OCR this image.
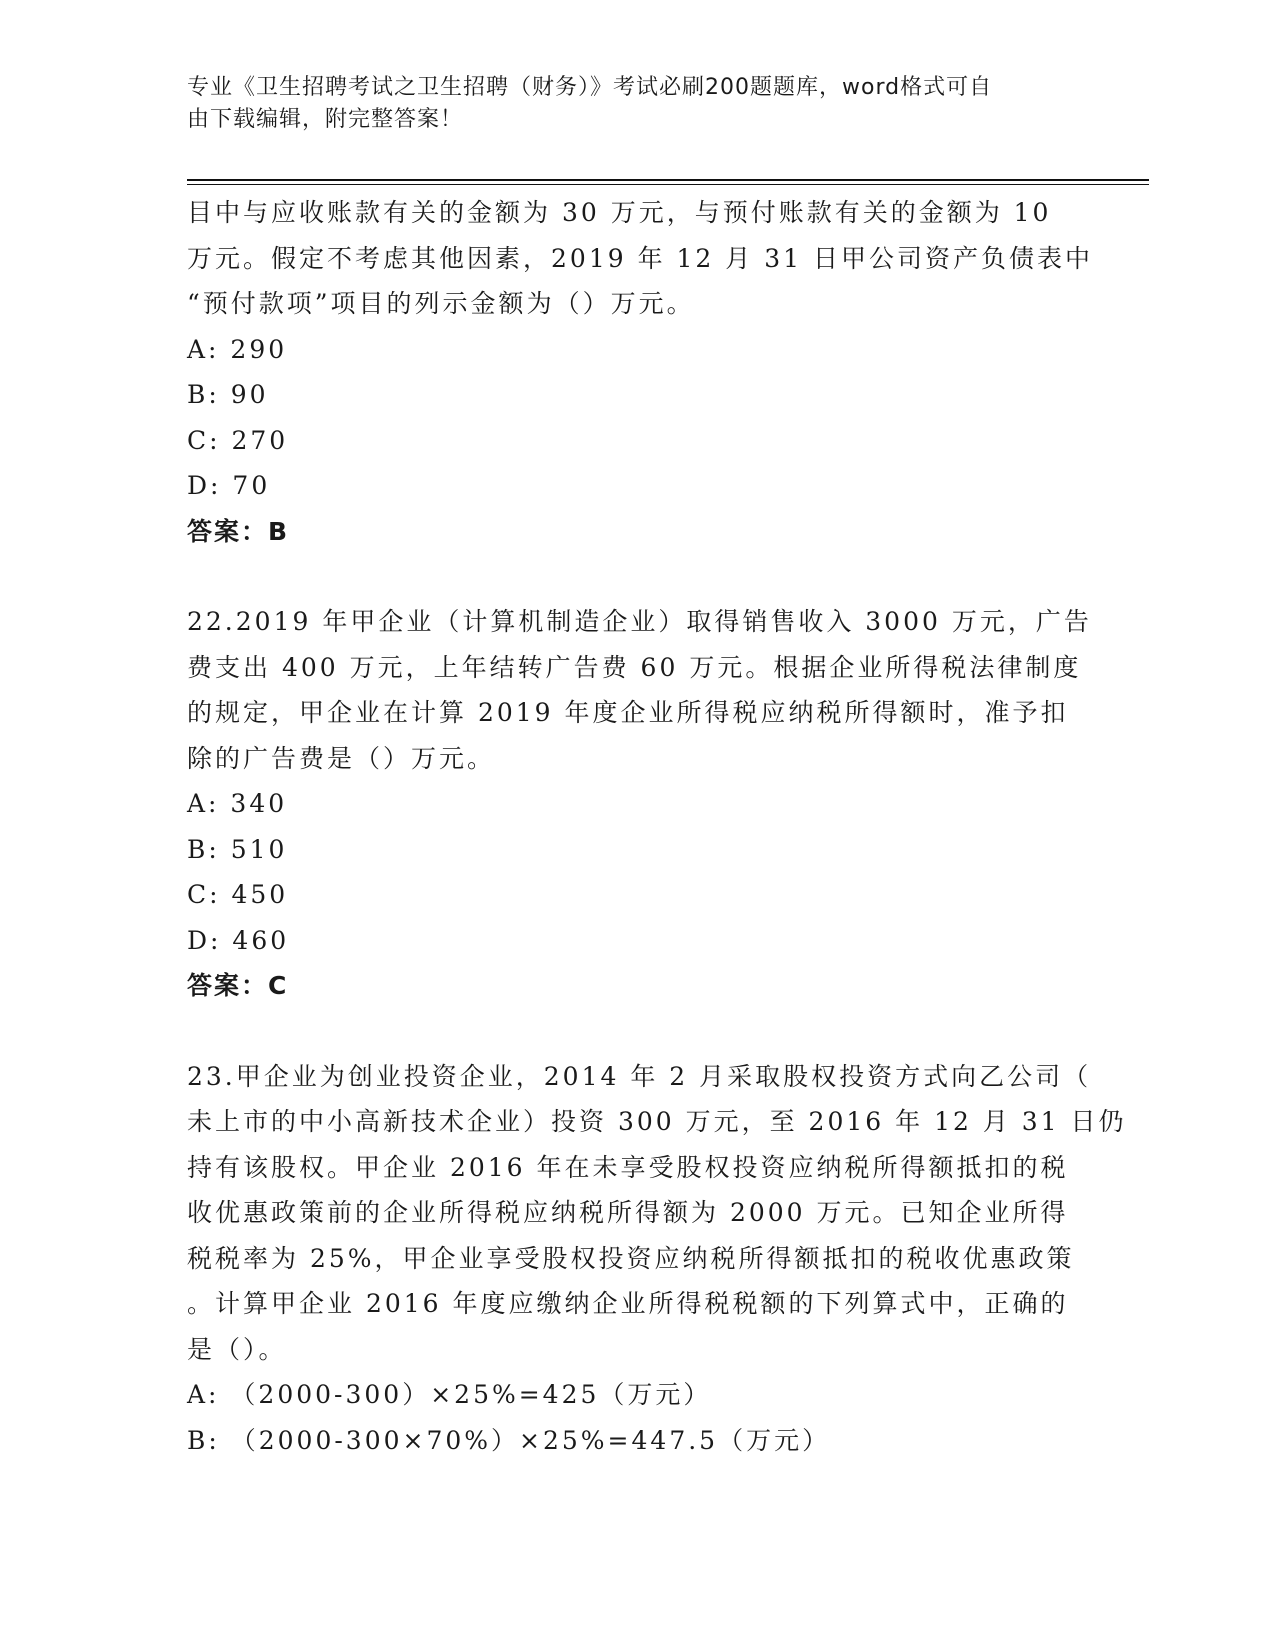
专业《卫生招聘考试之卫生招聘（财务）》考试必刷200题题库，word格式可自
由下载编辑，附完整答案！
目中与应收账款有关的金额为 30 万元，与预付账款有关的金额为 10
万元。假定不考虑其他因素，2019 年 12 月 31 日甲公司资产负债表中
“预付款项”项目的列示金额为（）万元。
A: 290
B: 90
C: 270
D: 70
答案：B
22.2019 年甲企业（计算机制造企业）取得销售收入 3000 万元，广告
费支出 400 万元，上年结转广告费 60 万元。根据企业所得税法律制度
的规定，甲企业在计算 2019 年度企业所得税应纳税所得额时，准予扣
除的广告费是（）万元。
A: 340
B: 510
C: 450
D: 460
答案：C
23.甲企业为创业投资企业，2014 年 2 月采取股权投资方式向乙公司（
未上市的中小高新技术企业）投资 300 万元，至 2016 年 12 月 31 日仍
持有该股权。甲企业 2016 年在未享受股权投资应纳税所得额抵扣的税
收优惠政策前的企业所得税应纳税所得额为 2000 万元。已知企业所得
税税率为 25%，甲企业享受股权投资应纳税所得额抵扣的税收优惠政策
。计算甲企业 2016 年度应缴纳企业所得税税额的下列算式中，正确的
是（）。
A: （2000-300）×25%=425（万元）
B: （2000-300×70%）×25%=447.5（万元）
